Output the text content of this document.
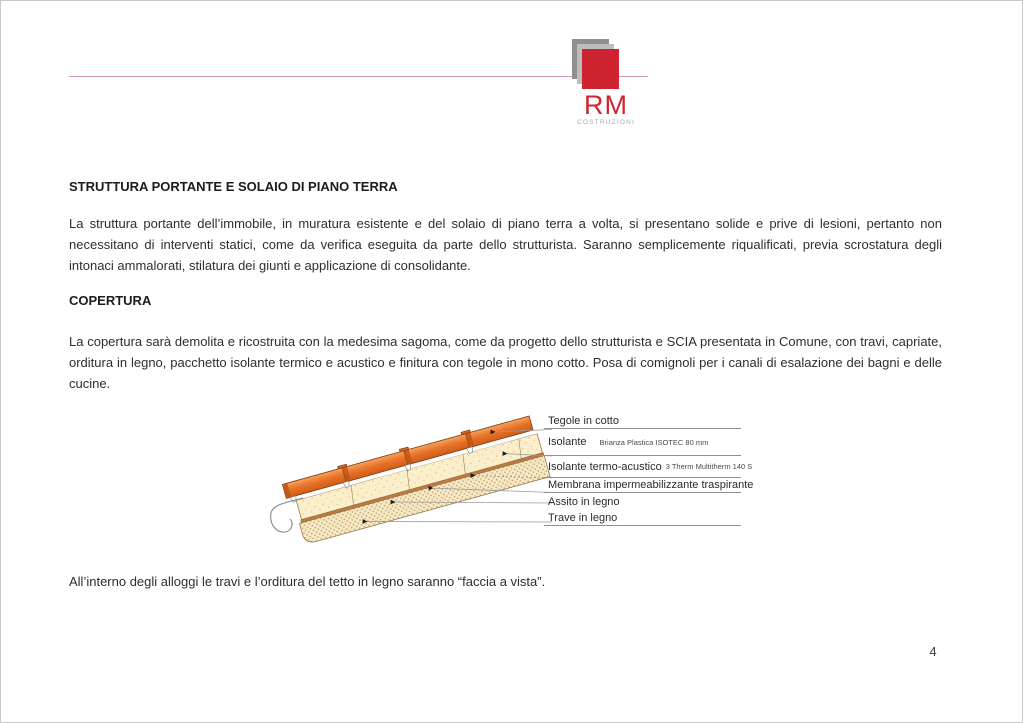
RM
COSTRUZIONI
STRUTTURA PORTANTE E SOLAIO DI PIANO TERRA

La struttura portante dell’immobile, in muratura esistente e del solaio di piano terra a volta, si presentano solide e prive di lesioni, pertanto non necessitano di interventi statici, come da verifica eseguita da parte dello strutturista. Saranno semplicemente riqualificati, previa scrostatura degli intonaci ammalorati, stilatura dei giunti e applicazione di consolidante.

COPERTURA

La copertura sarà demolita e ricostruita con la medesima sagoma, come da progetto dello strutturista e SCIA presentata in Comune, con travi, capriate, orditura in legno, pacchetto isolante termico e acustico e finitura con tegole in mono cotto. Posa di comignoli per i canali di esalazione dei bagni e delle cucine.

Tegole in cotto
Isolante Brianza Plastica ISOTEC 80 mm
Isolante termo-acustico 3 Therm Multitherm 140 S
Membrana impermeabilizzante traspirante
Assito in legno
Trave in legno

All’interno degli alloggi le travi e l’orditura del tetto in legno saranno “faccia a vista”.

4
